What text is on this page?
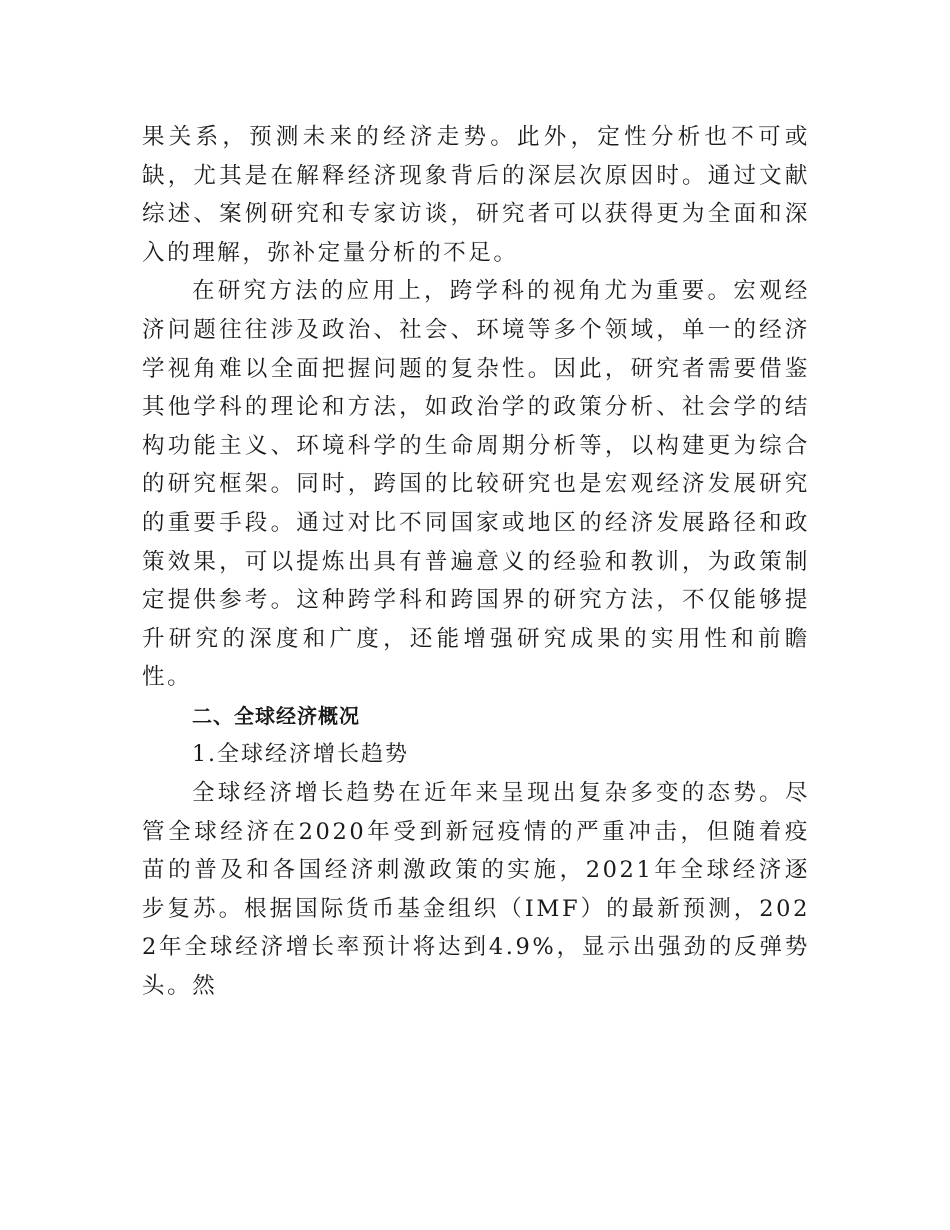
果关系，预测未来的经济走势。此外，定性分析也不可或缺，尤其是在解释经济现象背后的深层次原因时。通过文献综述、案例研究和专家访谈，研究者可以获得更为全面和深入的理解，弥补定量分析的不足。

在研究方法的应用上，跨学科的视角尤为重要。宏观经济问题往往涉及政治、社会、环境等多个领域，单一的经济学视角难以全面把握问题的复杂性。因此，研究者需要借鉴其他学科的理论和方法，如政治学的政策分析、社会学的结构功能主义、环境科学的生命周期分析等，以构建更为综合的研究框架。同时，跨国的比较研究也是宏观经济发展研究的重要手段。通过对比不同国家或地区的经济发展路径和政策效果，可以提炼出具有普遍意义的经验和教训，为政策制定提供参考。这种跨学科和跨国界的研究方法，不仅能够提升研究的深度和广度，还能增强研究成果的实用性和前瞻性。

二、全球经济概况

1.全球经济增长趋势

全球经济增长趋势在近年来呈现出复杂多变的态势。尽管全球经济在2020年受到新冠疫情的严重冲击，但随着疫苗的普及和各国经济刺激政策的实施，2021年全球经济逐步复苏。根据国际货币基金组织（IMF）的最新预测，2022年全球经济增长率预计将达到4.9%，显示出强劲的反弹势头。然
